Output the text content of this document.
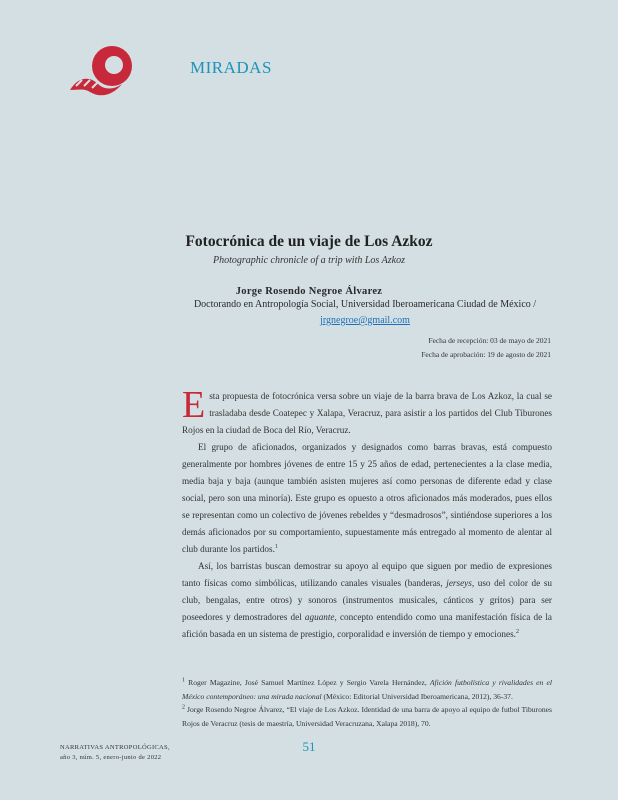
MIRADAS
Fotocrónica de un viaje de Los Azkoz
Photographic chronicle of a trip with Los Azkoz
Jorge Rosendo Negroe Álvarez
Doctorando en Antropología Social, Universidad Iberoamericana Ciudad de México /
jrgnegroe@gmail.com
Fecha de recepción: 03 de mayo de 2021
Fecha de aprobación: 19 de agosto de 2021

Esta propuesta de fotocrónica versa sobre un viaje de la barra brava de Los Azkoz, la cual se trasladaba desde Coatepec y Xalapa, Veracruz, para asistir a los partidos del Club Tiburones Rojos en la ciudad de Boca del Río, Veracruz.

El grupo de aficionados, organizados y designados como barras bravas, está compuesto generalmente por hombres jóvenes de entre 15 y 25 años de edad, pertenecientes a la clase media, media baja y baja (aunque también asisten mujeres así como personas de diferente edad y clase social, pero son una minoría). Este grupo es opuesto a otros aficionados más moderados, pues ellos se representan como un colectivo de jóvenes rebeldes y “desmadrosos”, sintiéndose superiores a los demás aficionados por su comportamiento, supuestamente más entregado al momento de alentar al club durante los partidos.$^1$

Así, los barristas buscan demostrar su apoyo al equipo que siguen por medio de expresiones tanto físicas como simbólicas, utilizando canales visuales (banderas, jerseys, uso del color de su club, bengalas, entre otros) y sonoros (instrumentos musicales, cánticos y gritos) para ser poseedores y demostradores del aguante, concepto entendido como una manifestación física de la afición basada en un sistema de prestigio, corporalidad e inversión de tiempo y emociones.$^2$

$^1$ Roger Magazine, José Samuel Martínez López y Sergio Varela Hernández, Afición futbolística y rivalidades en el México contemporáneo: una mirada nacional (México: Editorial Universidad Iberoamericana, 2012), 36-37.

$^2$ Jorge Rosendo Negroe Álvarez, “El viaje de Los Azkoz. Identidad de una barra de apoyo al equipo de futbol Tiburones Rojos de Veracruz (tesis de maestría, Universidad Veracruzana, Xalapa 2018), 70.

NARRATIVAS ANTROPOLÓGICAS,
año 3, núm. 5, enero-junio de 2022
51
